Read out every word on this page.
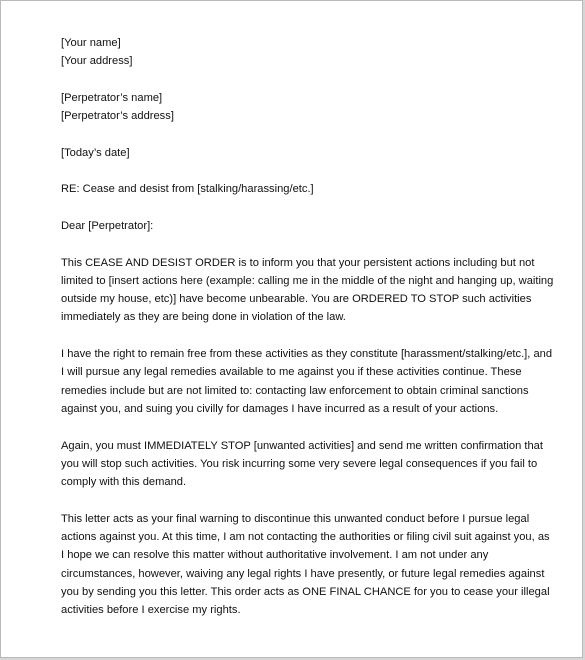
[Your name]
[Your address]
[Perpetrator’s name]
[Perpetrator’s address]
[Today’s date]
RE: Cease and desist from [stalking/harassing/etc.]
Dear [Perpetrator]:
This CEASE AND DESIST ORDER is to inform you that your persistent actions including but not
limited to [insert actions here (example: calling me in the middle of the night and hanging up, waiting
outside my house, etc)] have become unbearable. You are ORDERED TO STOP such activities
immediately as they are being done in violation of the law.
I have the right to remain free from these activities as they constitute [harassment/stalking/etc.], and
I will pursue any legal remedies available to me against you if these activities continue. These
remedies include but are not limited to: contacting law enforcement to obtain criminal sanctions
against you, and suing you civilly for damages I have incurred as a result of your actions.
Again, you must IMMEDIATELY STOP [unwanted activities] and send me written confirmation that
you will stop such activities. You risk incurring some very severe legal consequences if you fail to
comply with this demand.
This letter acts as your final warning to discontinue this unwanted conduct before I pursue legal
actions against you. At this time, I am not contacting the authorities or filing civil suit against you, as
I hope we can resolve this matter without authoritative involvement. I am not under any
circumstances, however, waiving any legal rights I have presently, or future legal remedies against
you by sending you this letter. This order acts as ONE FINAL CHANCE for you to cease your illegal
activities before I exercise my rights.
